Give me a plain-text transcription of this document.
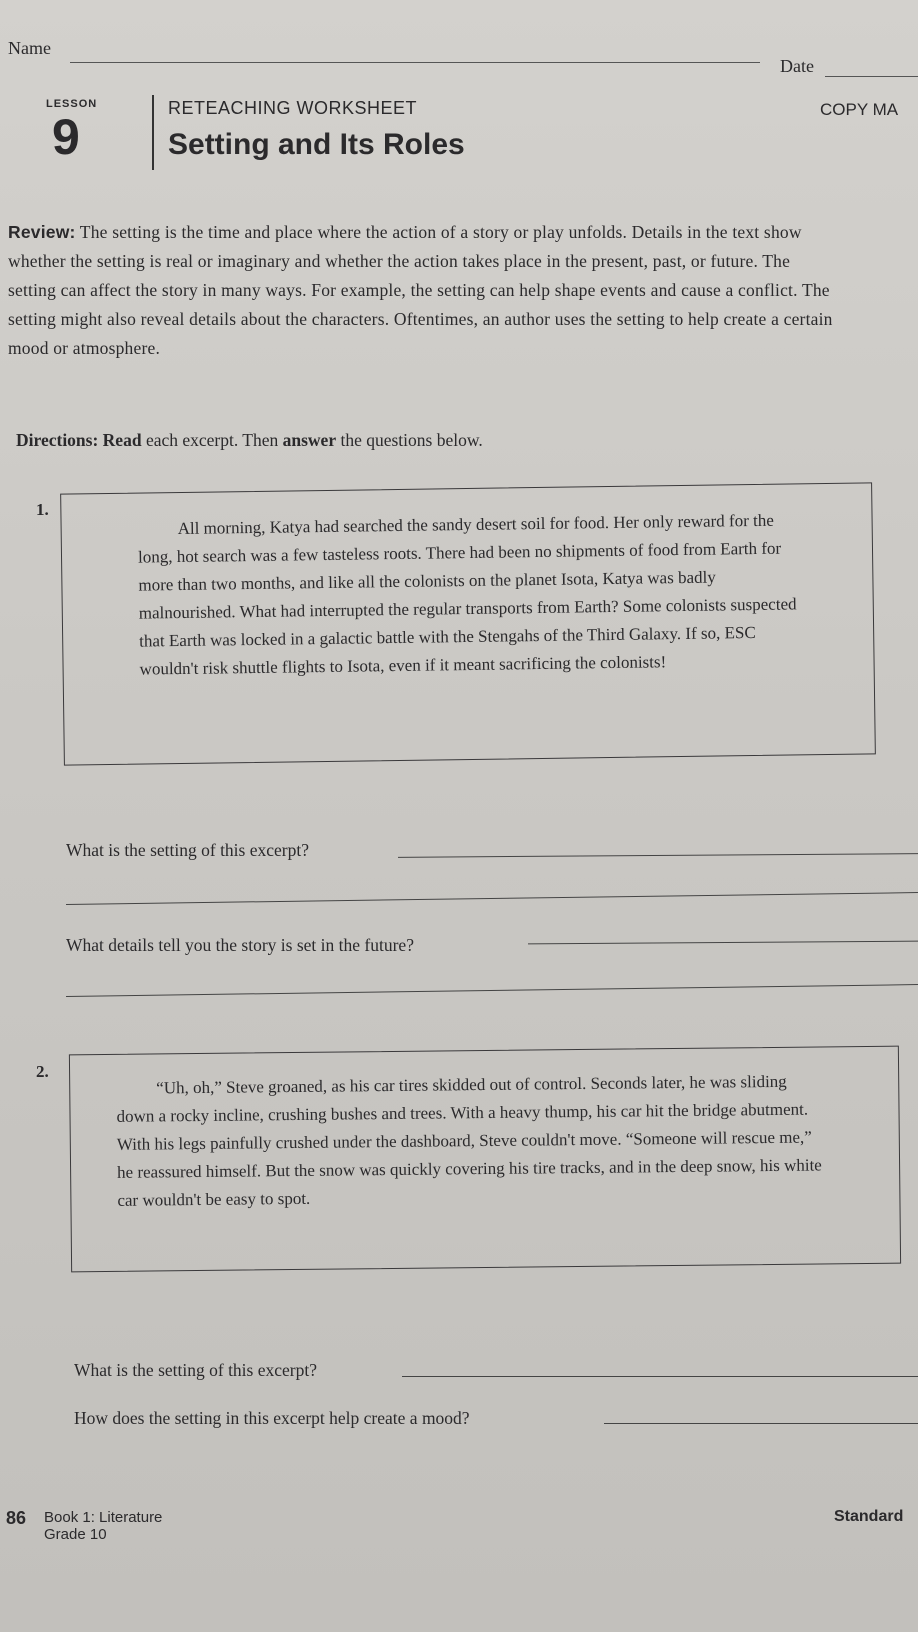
Name
Date
LESSON
9
RETEACHING WORKSHEET
Setting and Its Roles
COPY MA
Review: The setting is the time and place where the action of a story or play unfolds. Details in the text show whether the setting is real or imaginary and whether the action takes place in the present, past, or future. The setting can affect the story in many ways. For example, the setting can help shape events and cause a conflict. The setting might also reveal details about the characters. Oftentimes, an author uses the setting to help create a certain mood or atmosphere.
Directions: Read each excerpt. Then answer the questions below.
1.

All morning, Katya had searched the sandy desert soil for food. Her only reward for the long, hot search was a few tasteless roots. There had been no shipments of food from Earth for more than two months, and like all the colonists on the planet Isota, Katya was badly malnourished. What had interrupted the regular transports from Earth? Some colonists suspected that Earth was locked in a galactic battle with the Stengahs of the Third Galaxy. If so, ESC wouldn't risk shuttle flights to Isota, even if it meant sacrificing the colonists!

What is the setting of this excerpt?
What details tell you the story is set in the future?
2.

“Uh, oh,” Steve groaned, as his car tires skidded out of control. Seconds later, he was sliding down a rocky incline, crushing bushes and trees. With a heavy thump, his car hit the bridge abutment. With his legs painfully crushed under the dashboard, Steve couldn't move. “Someone will rescue me,” he reassured himself. But the snow was quickly covering his tire tracks, and in the deep snow, his white car wouldn't be easy to spot.

What is the setting of this excerpt?
How does the setting in this excerpt help create a mood?
86 Book 1: Literature
Grade 10
Standard
